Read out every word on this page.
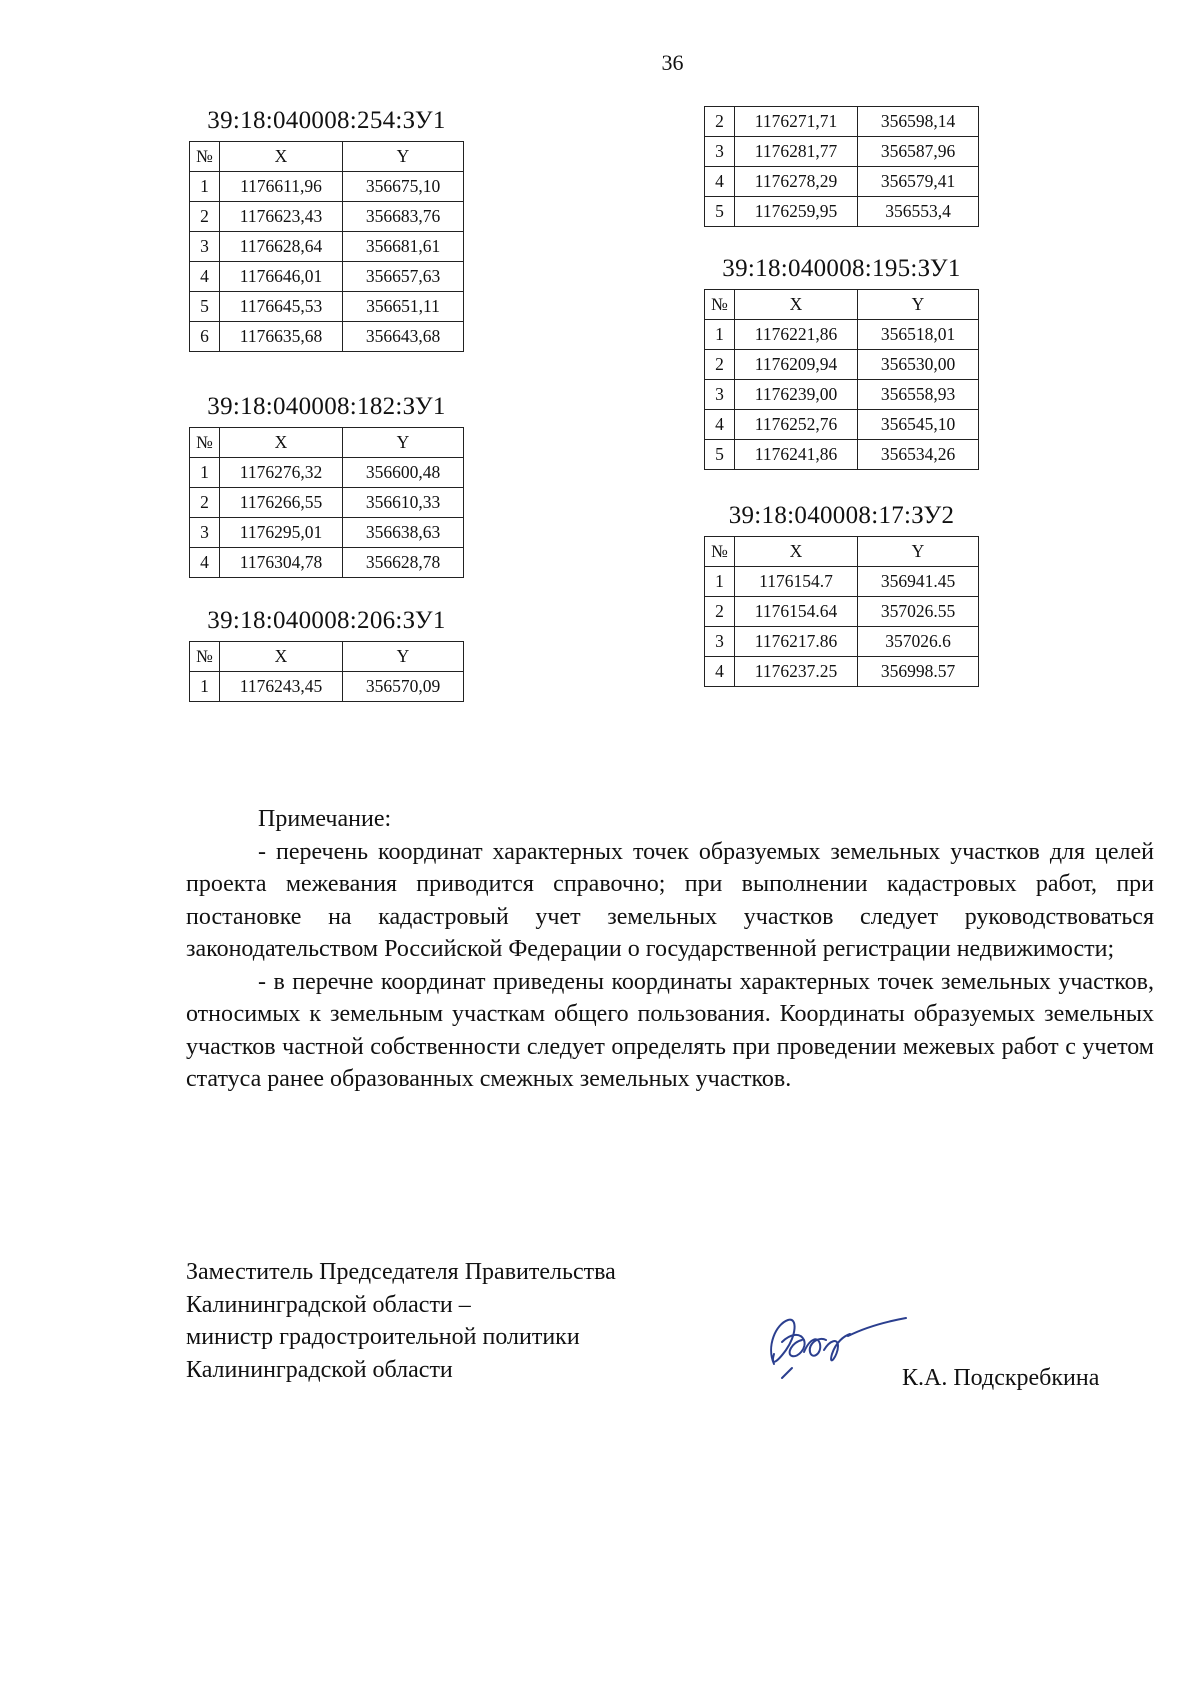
36
39:18:040008:254:ЗУ1
№	X	Y
1	1176611,96	356675,10
2	1176623,43	356683,76
3	1176628,64	356681,61
4	1176646,01	356657,63
5	1176645,53	356651,11
6	1176635,68	356643,68
39:18:040008:182:ЗУ1
№	X	Y
1	1176276,32	356600,48
2	1176266,55	356610,33
3	1176295,01	356638,63
4	1176304,78	356628,78
39:18:040008:206:ЗУ1
№	X	Y
1	1176243,45	356570,09
2	1176271,71	356598,14
3	1176281,77	356587,96
4	1176278,29	356579,41
5	1176259,95	356553,4
39:18:040008:195:ЗУ1
№	X	Y
1	1176221,86	356518,01
2	1176209,94	356530,00
3	1176239,00	356558,93
4	1176252,76	356545,10
5	1176241,86	356534,26
39:18:040008:17:ЗУ2
№	X	Y
1	1176154.7	356941.45
2	1176154.64	357026.55
3	1176217.86	357026.6
4	1176237.25	356998.57

Примечание:

- перечень координат характерных точек образуемых земельных участков для целей проекта межевания приводится справочно; при выполнении кадастровых работ, при постановке на кадастровый учет земельных участков следует руководствоваться законодательством Российской Федерации о государственной регистрации недвижимости;

- в перечне координат приведены координаты характерных точек земельных участков, относимых к земельным участкам общего пользования. Координаты образуемых земельных участков частной собственности следует определять при проведении межевых работ с учетом статуса ранее образованных смежных земельных участков.

Заместитель Председателя Правительства
Калининградской области –
министр градостроительной политики
Калининградской области	К.А. Подскребкина
